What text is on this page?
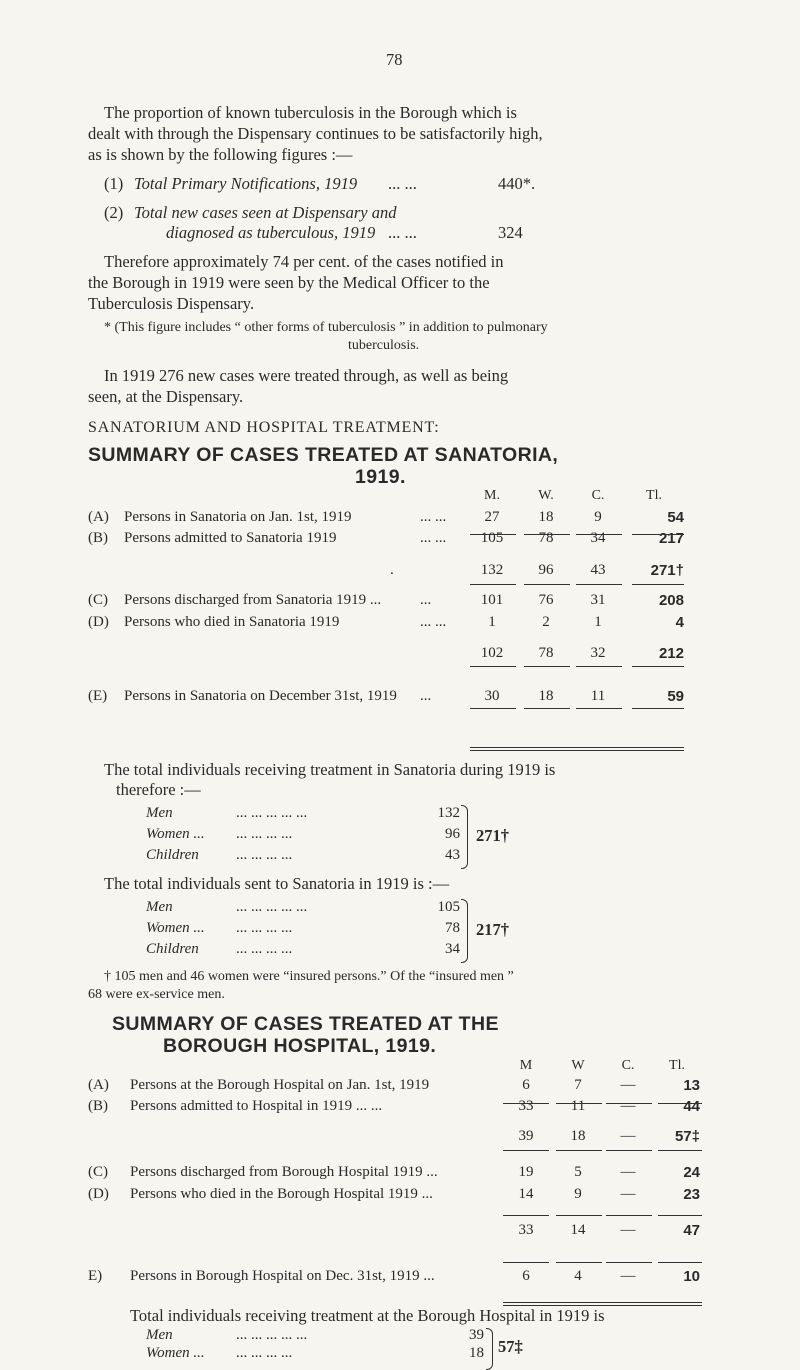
78
The proportion of known tuberculosis in the Borough which is
dealt with through the Dispensary continues to be satisfactorily high,
as is shown by the following figures :—
(1) Total Primary Notifications, 1919 ... ...	440*.
(2) Total new cases seen at Dispensary and
diagnosed as tuberculous, 1919 ... ...	324
Therefore approximately 74 per cent. of the cases notified in
the Borough in 1919 were seen by the Medical Officer to the
Tuberculosis Dispensary.
* (This figure includes “ other forms of tuberculosis ” in addition to pulmonary
tuberculosis.
In 1919 276 new cases were treated through, as well as being
seen, at the Dispensary.
SANATORIUM AND HOSPITAL TREATMENT:
SUMMARY OF CASES TREATED AT SANATORIA,
1919.
M.	W.	C.	Tl.
(A) Persons in Sanatoria on Jan. 1st, 1919	... ...	27	18	9	54
(B) Persons admitted to Sanatoria 1919	... ...	105	78	34	217
.	132	96	43	271†
(C) Persons discharged from Sanatoria 1919 ...	...	101	76	31	208
(D) Persons who died in Sanatoria 1919	... ...	1	2	1	4
102	78	32	212
(E) Persons in Sanatoria on December 31st, 1919 ...	30	18	11	59
The total individuals receiving treatment in Sanatoria during 1919 is
therefore :—
Men	... ... ... ... ...	132
Women ... ... ... ... ...	96
Children ... ... ... ...	43
271†
The total individuals sent to Sanatoria in 1919 is :—
Men	... ... ... ... ...	105
Women ... ... ... ... ...	78
Children ... ... ... ...	34
217†
† 105 men and 46 women were “insured persons.” Of the “insured men ”
68 were ex-service men.
SUMMARY OF CASES TREATED AT THE
BOROUGH HOSPITAL, 1919.
M	W	C.	Tl.
(A) Persons at the Borough Hospital on Jan. 1st, 1919	6	7	—	13
(B) Persons admitted to Hospital in 1919 ... ...	33	11	—	44
39	18	—	57‡
(C) Persons discharged from Borough Hospital 1919 ...	19	5	—	24
(D) Persons who died in the Borough Hospital 1919 ...	14	9	—	23
33	14	—	47
E) Persons in Borough Hospital on Dec. 31st, 1919 ...	6	4	—	10
Total individuals receiving treatment at the Borough Hospital in 1919 is
Men	... ... ... ... ...	39
Women ... ... ... ... ...	18 57‡
